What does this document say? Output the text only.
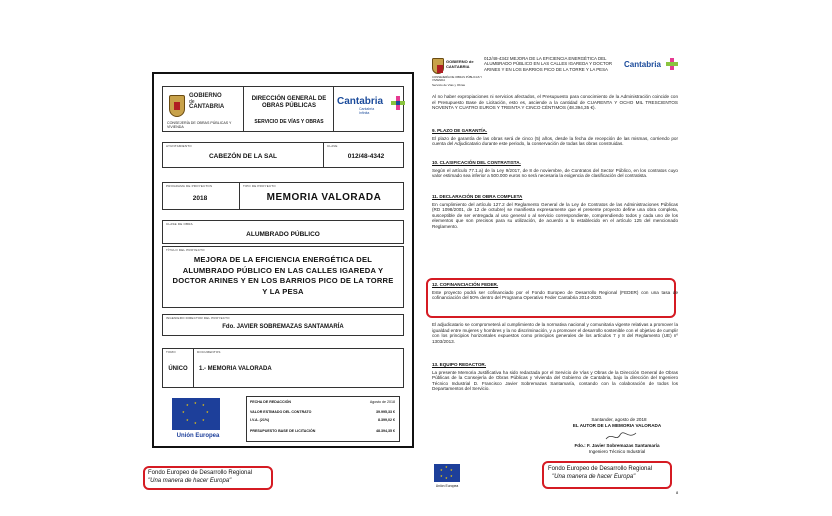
GOBIERNO
de
CANTABRIA
CONSEJERÍA DE OBRAS PÚBLICAS Y VIVIENDA
DIRECCIÓN GENERAL DE OBRAS PÚBLICAS
SERVICIO DE VÍAS Y OBRAS
Cantabria
Cantabria
Infinita
AYUNTAMIENTO
CABEZÓN DE LA SAL
CLAVE
012/48-4342
PROGRAMA DE PROYECTOS
2018
TIPO DE PROYECTO
MEMORIA VALORADA
CLASE DE OBRA
ALUMBRADO PÚBLICO
TÍTULO DEL PROYECTO
MEJORA DE LA EFICIENCIA ENERGÉTICA DEL ALUMBRADO PÚBLICO EN LAS CALLES IGAREDA Y DOCTOR ARINES Y EN LOS BARRIOS PICO DE LA TORRE Y LA PESA
INGENIERO DIRECTOR DEL PROYECTO
Fdo. JAVIER SOBREMAZAS SANTAMARÍA
TOMO
ÚNICO
DOCUMENTOS
1.- MEMORIA VALORADA
★ ★
★
★
★
★
★
★
Unión Europea
FECHA DE REDACCIÓN	Agosto de 2018
VALOR ESTIMADO DEL CONTRATO	39.995,33 €
I.V.A. (21%)	8.399,02 €
PRESUPUESTO BASE DE LICITACIÓN	48.394,35 €
Fondo Europeo de Desarrollo Regional
"Una manera de hacer Europa"
GOBIERNO de CANTABRIA
CONSEJERÍA DE OBRAS PÚBLICAS Y VIVIENDA
Servicio de Vías y Obras
012/48-4342 MEJORA DE LA EFICIENCIA ENERGÉTICA DEL ALUMBRADO PÚBLICO EN LAS CALLES IGAREDA Y DOCTOR ARINES Y EN LOS BARRIOS PICO DE LA TORRE Y LA PESA
Cantabria
Al no haber expropiaciones ni servicios afectados, el Presupuesto para conocimiento de la Administración coincide con el Presupuesto Base de Licitación, esto es, asciende a la cantidad de CUARENTA Y OCHO MIL TRESCIENTOS NOVENTA Y CUATRO EUROS Y TREINTA Y CINCO CÉNTIMOS (48.394,35 €).
9. PLAZO DE GARANTÍA.
El plazo de garantía de las obras será de cinco (5) años, desde la fecha de recepción de las mismas, corriendo por cuenta del Adjudicatario durante este periodo, la conservación de todas las obras construidas.
10. CLASIFICACIÓN DEL CONTRATISTA.
Según el artículo 77.1.a) de la Ley 9/2017, de 8 de noviembre, de Contratos del Sector Público, en los contratos cuyo valor estimado sea inferior a 500.000 euros no será necesaria la exigencia de clasificación del contratista.
11. DECLARACIÓN DE OBRA COMPLETA
En cumplimiento del artículo 127.2 del Reglamento General de la Ley de Contratos de las Administraciones Públicas (RD 1098/2001, de 12 de octubre) se manifiesta expresamente que el presente proyecto define una obra completa, susceptible de ser entregada al uso general o al servicio correspondiente, comprendiendo todos y cada uno de los elementos que son precisos para su utilización, de acuerdo a lo establecido en el artículo 125 del mencionado Reglamento.
12. COFINANCIACIÓN FEDER.
Este proyecto podrá ser cofinanciado por el Fondo Europeo de Desarrollo Regional (FEDER) con una tasa de cofinanciación del 50% dentro del Programa Operativo Feder Cantabria 2014-2020.
El adjudicatario se comprometerá al cumplimiento de la normativa nacional y comunitaria vigente relativas a promover la igualdad entre mujeres y hombres y la no discriminación, y a promover el desarrollo sostenible con el objetivo de cumplir con los principios horizontales expuestos como principios generales de los artículos 7 y 8 del Reglamento (UE) nº 1303/2013.
13. EQUIPO REDACTOR.
La presente Memoria Justificativa ha sido redactada por el Servicio de Vías y Obras de la Dirección General de Obras Públicas de la Consejería de Obras Públicas y Vivienda del Gobierno de Cantabria, bajo la dirección del Ingeniero Técnico Industrial D. Francisco Javier Sobremazas Santamaría, contando con la colaboración de todos los Departamentos del Servicio.
Santander, agosto de 2018
EL AUTOR DE LA MEMORIA VALORADA
Fdo.: F. Javier Sobremazas Santamaría
Ingeniero Técnico Industrial
★
★
★
★
★
★
Unión Europea
Fondo Europeo de Desarrollo Regional
"Una manera de hacer Europa"
8
